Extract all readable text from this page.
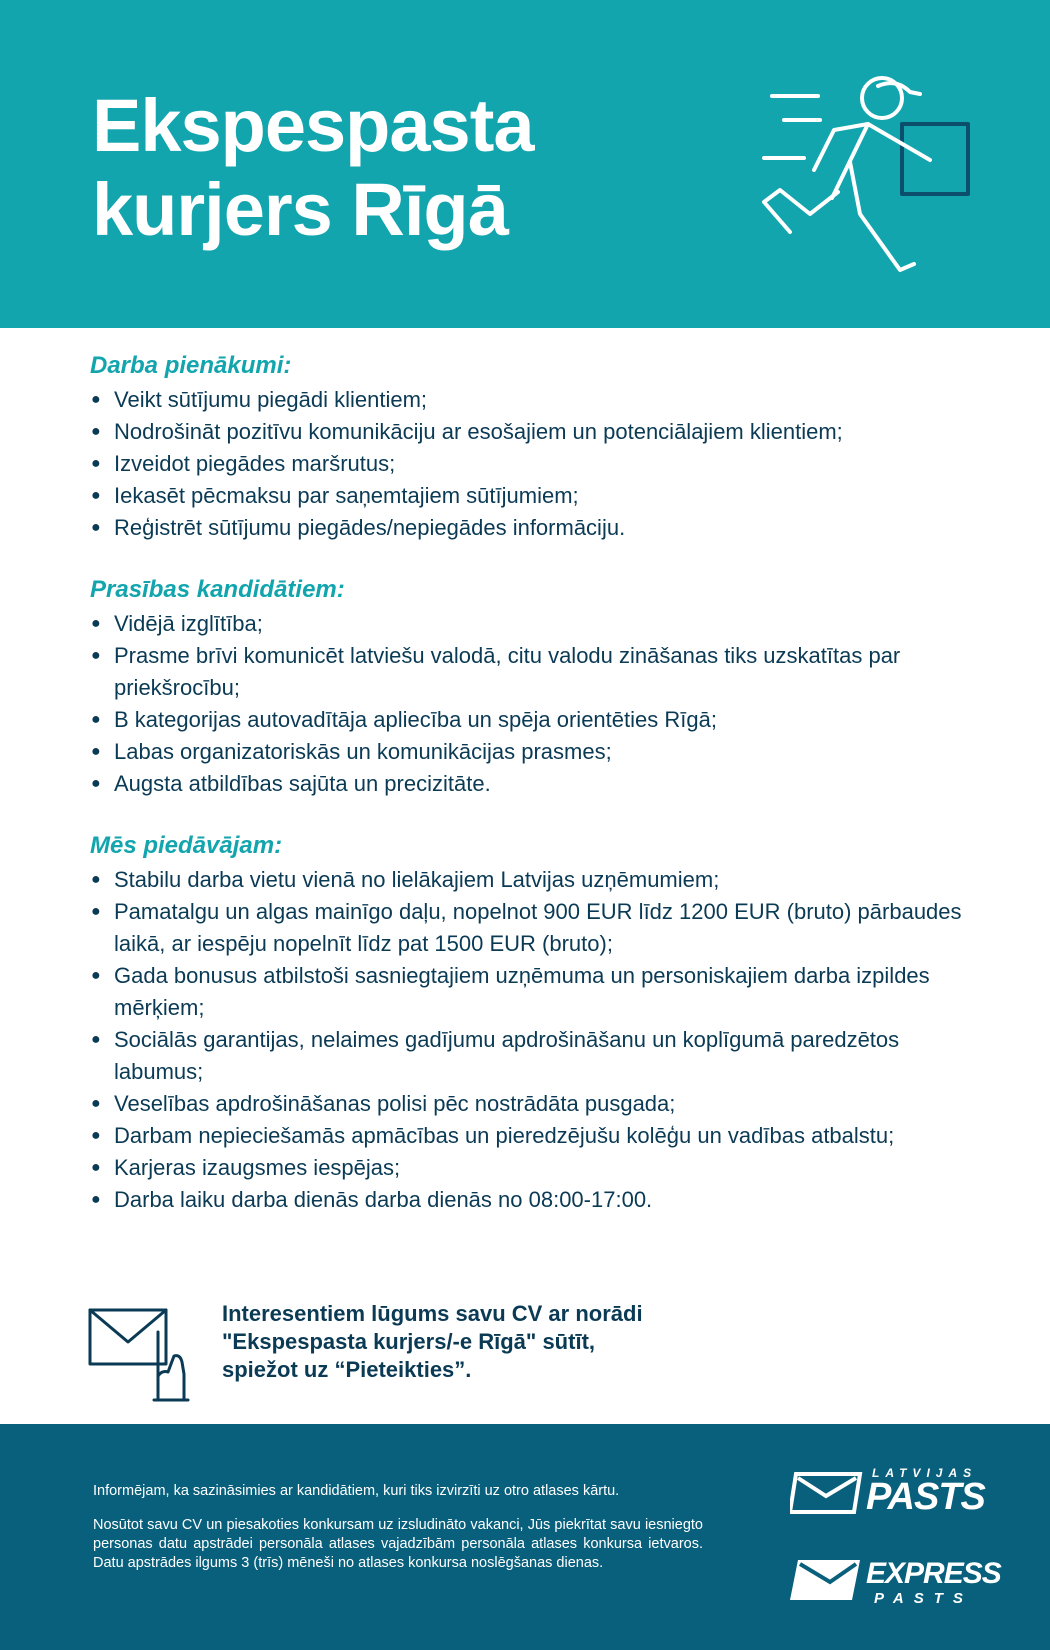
Ekspespasta
kurjers Rīgā
Darba pienākumi:
● Veikt sūtījumu piegādi klientiem;
● Nodrošināt pozitīvu komunikāciju ar esošajiem un potenciālajiem klientiem;
● Izveidot piegādes maršrutus;
● Iekasēt pēcmaksu par saņemtajiem sūtījumiem;
● Reģistrēt sūtījumu piegādes/nepiegādes informāciju.
Prasības kandidātiem:
● Vidējā izglītība;
● Prasme brīvi komunicēt latviešu valodā, citu valodu zināšanas tiks uzskatītas par priekšrocību;
● B kategorijas autovadītāja apliecība un spēja orientēties Rīgā;
● Labas organizatoriskās un komunikācijas prasmes;
● Augsta atbildības sajūta un precizitāte.
Mēs piedāvājam:
● Stabilu darba vietu vienā no lielākajiem Latvijas uzņēmumiem;
● Pamatalgu un algas mainīgo daļu, nopelnot 900 EUR līdz 1200 EUR (bruto) pārbaudes laikā, ar iespēju nopelnīt līdz pat 1500 EUR (bruto);
● Gada bonusus atbilstoši sasniegtajiem uzņēmuma un personiskajiem darba izpildes mērķiem;
● Sociālās garantijas, nelaimes gadījumu apdrošināšanu un koplīgumā paredzētos labumus;
● Veselības apdrošināšanas polisi pēc nostrādāta pusgada;
● Darbam nepieciešamās apmācības un pieredzējušu kolēģu un vadības atbalstu;
● Karjeras izaugsmes iespējas;
● Darba laiku darba dienās darba dienās no 08:00-17:00.

Interesentiem lūgums savu CV ar norādi
"Ekspespasta kurjers/-e Rīgā" sūtīt,
spiežot uz “Pieteikties”.

Informējam, ka sazināsimies ar kandidātiem, kuri tiks izvirzīti uz otro atlases kārtu.

Nosūtot savu CV un piesakoties konkursam uz izsludināto vakanci, Jūs piekrītat savu iesniegto personas datu apstrādei personāla atlases vajadzībām personāla atlases konkursa ietvaros. Datu apstrādes ilgums 3 (trīs) mēneši no atlases konkursa noslēgšanas dienas.

LATVIJAS
PASTS
EXPRESS
PASTS
